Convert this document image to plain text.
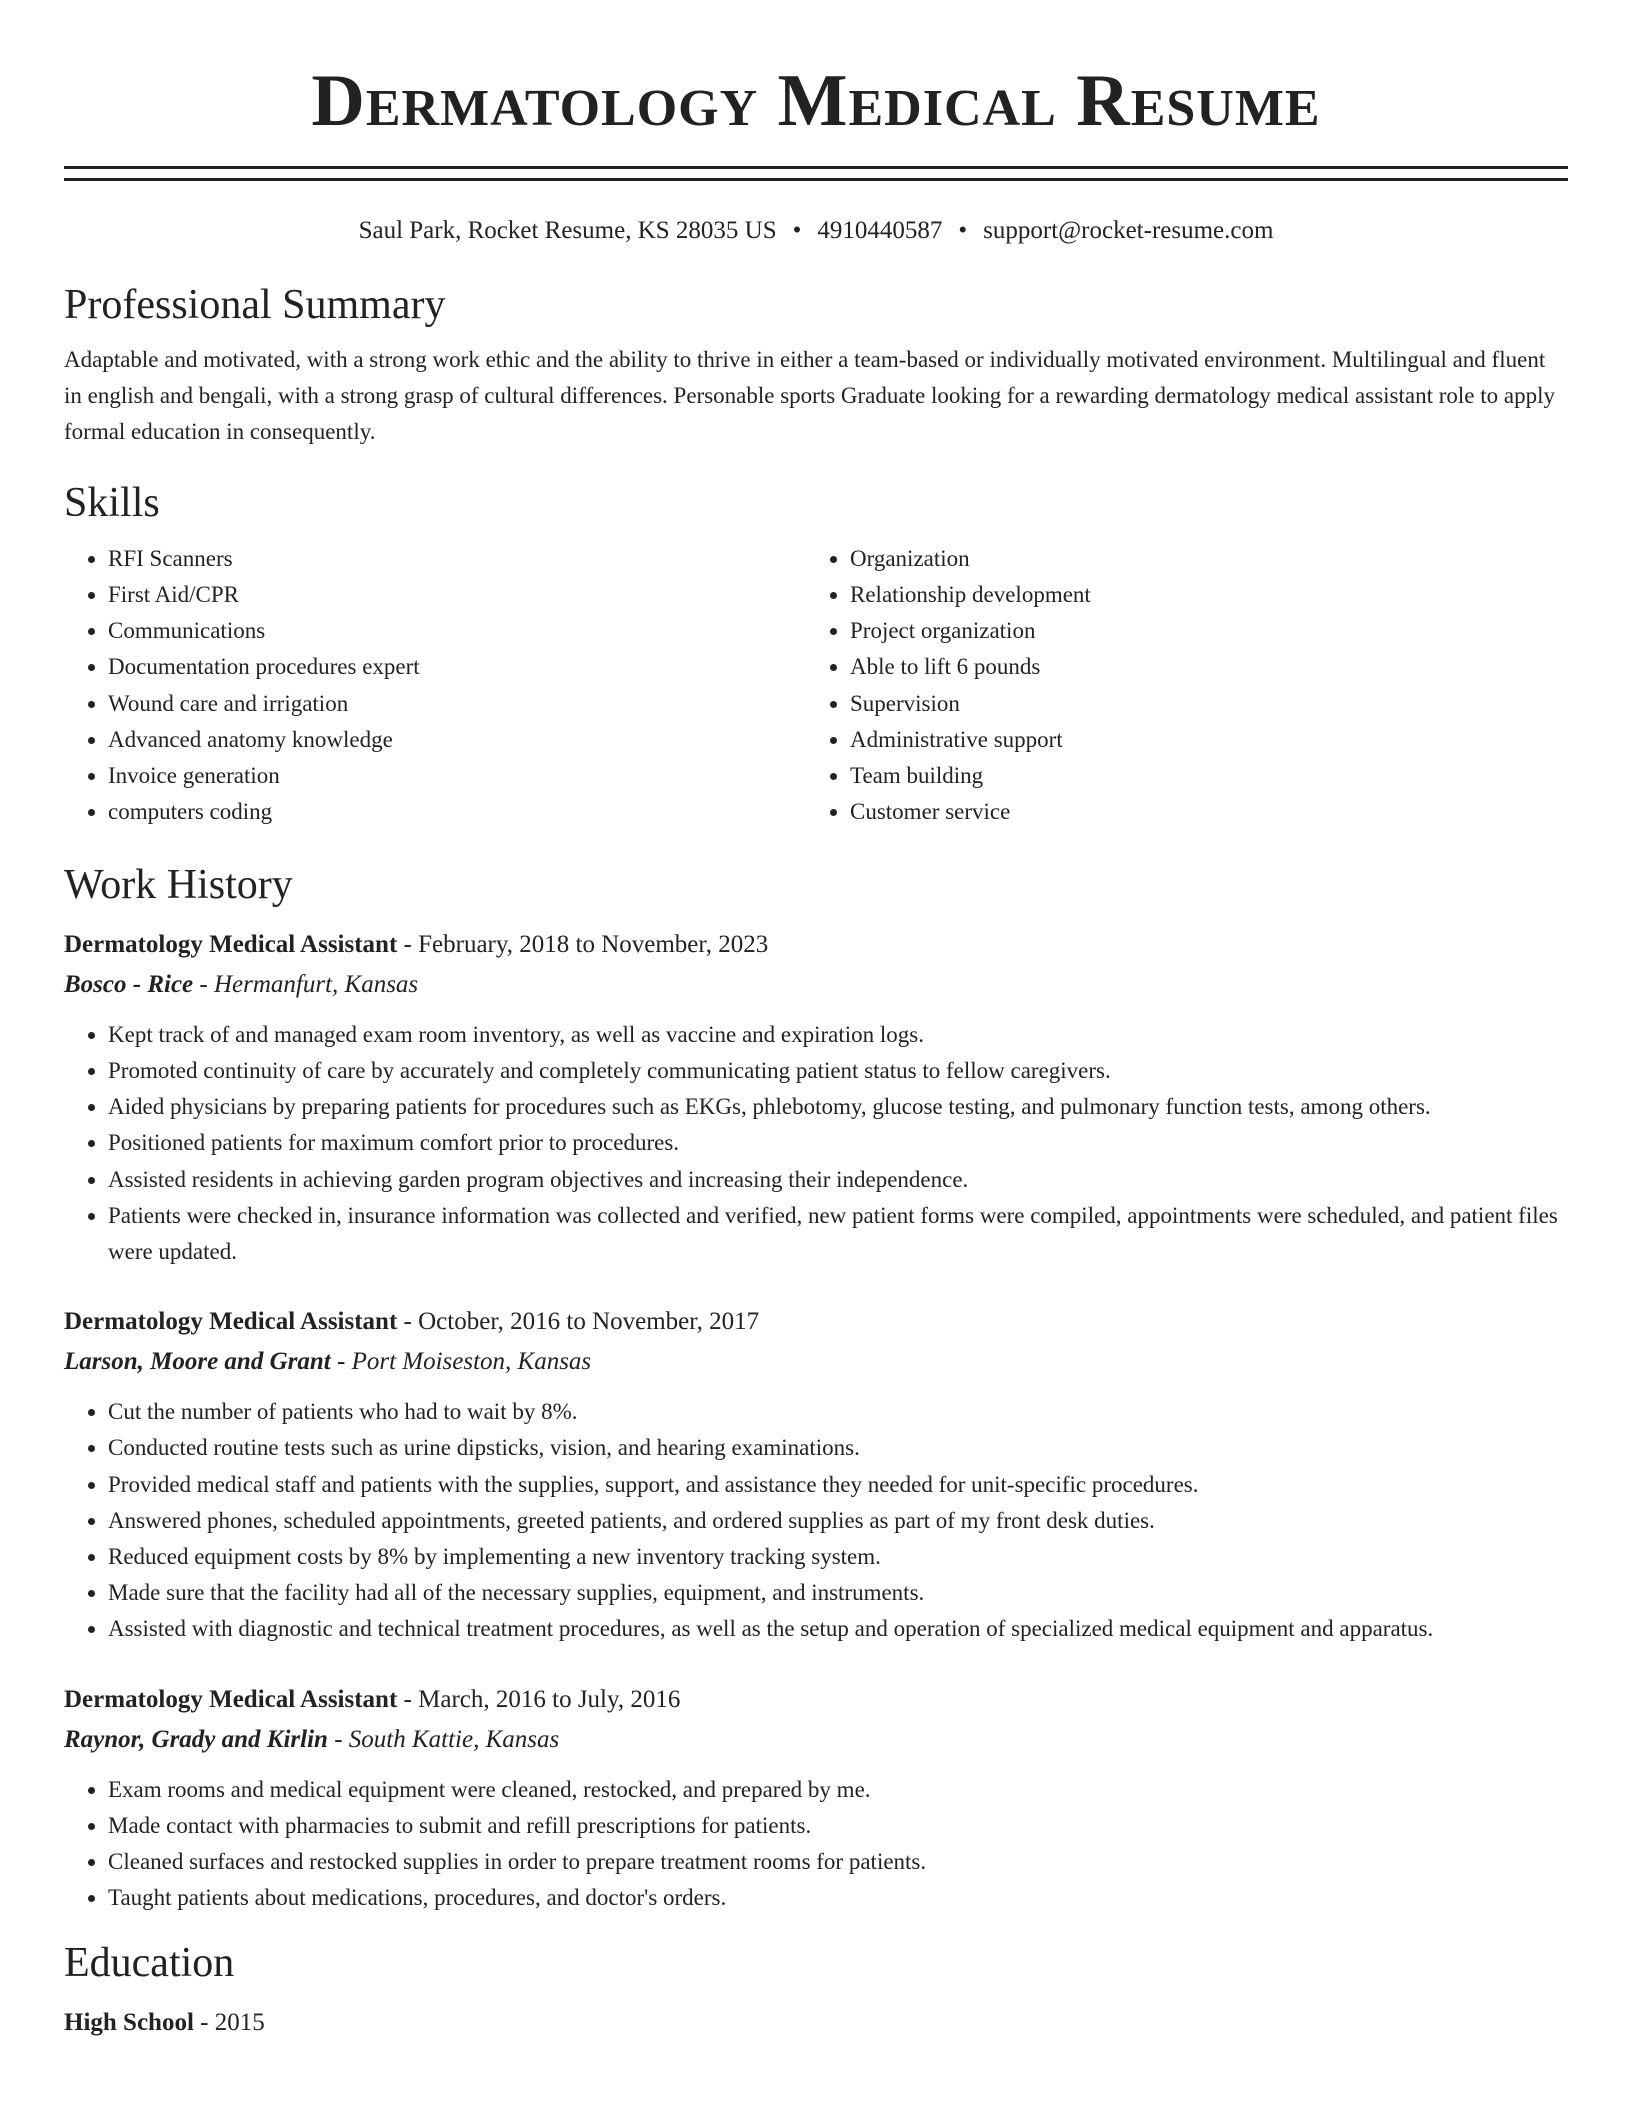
Dermatology Medical Resume
Saul Park, Rocket Resume, KS 28035 US • 4910440587 • support@rocket-resume.com
Professional Summary

Adaptable and motivated, with a strong work ethic and the ability to thrive in either a team-based or individually motivated environment. Multilingual and fluent in english and bengali, with a strong grasp of cultural differences. Personable sports Graduate looking for a rewarding dermatology medical assistant role to apply formal education in consequently.

Skills
• RFI Scanners
• First Aid/CPR
• Communications
• Documentation procedures expert
• Wound care and irrigation
• Advanced anatomy knowledge
• Invoice generation
• computers coding
• Organization
• Relationship development
• Project organization
• Able to lift 6 pounds
• Supervision
• Administrative support
• Team building
• Customer service
Work History
Dermatology Medical Assistant - February, 2018 to November, 2023
Bosco - Rice - Hermanfurt, Kansas
• Kept track of and managed exam room inventory, as well as vaccine and expiration logs.
• Promoted continuity of care by accurately and completely communicating patient status to fellow caregivers.
• Aided physicians by preparing patients for procedures such as EKGs, phlebotomy, glucose testing, and pulmonary function tests, among others.
• Positioned patients for maximum comfort prior to procedures.
• Assisted residents in achieving garden program objectives and increasing their independence.
• Patients were checked in, insurance information was collected and verified, new patient forms were compiled, appointments were scheduled, and patient files were updated.
Dermatology Medical Assistant - October, 2016 to November, 2017
Larson, Moore and Grant - Port Moiseston, Kansas
• Cut the number of patients who had to wait by 8%.
• Conducted routine tests such as urine dipsticks, vision, and hearing examinations.
• Provided medical staff and patients with the supplies, support, and assistance they needed for unit-specific procedures.
• Answered phones, scheduled appointments, greeted patients, and ordered supplies as part of my front desk duties.
• Reduced equipment costs by 8% by implementing a new inventory tracking system.
• Made sure that the facility had all of the necessary supplies, equipment, and instruments.
• Assisted with diagnostic and technical treatment procedures, as well as the setup and operation of specialized medical equipment and apparatus.
Dermatology Medical Assistant - March, 2016 to July, 2016
Raynor, Grady and Kirlin - South Kattie, Kansas
• Exam rooms and medical equipment were cleaned, restocked, and prepared by me.
• Made contact with pharmacies to submit and refill prescriptions for patients.
• Cleaned surfaces and restocked supplies in order to prepare treatment rooms for patients.
• Taught patients about medications, procedures, and doctor's orders.
Education
High School - 2015
